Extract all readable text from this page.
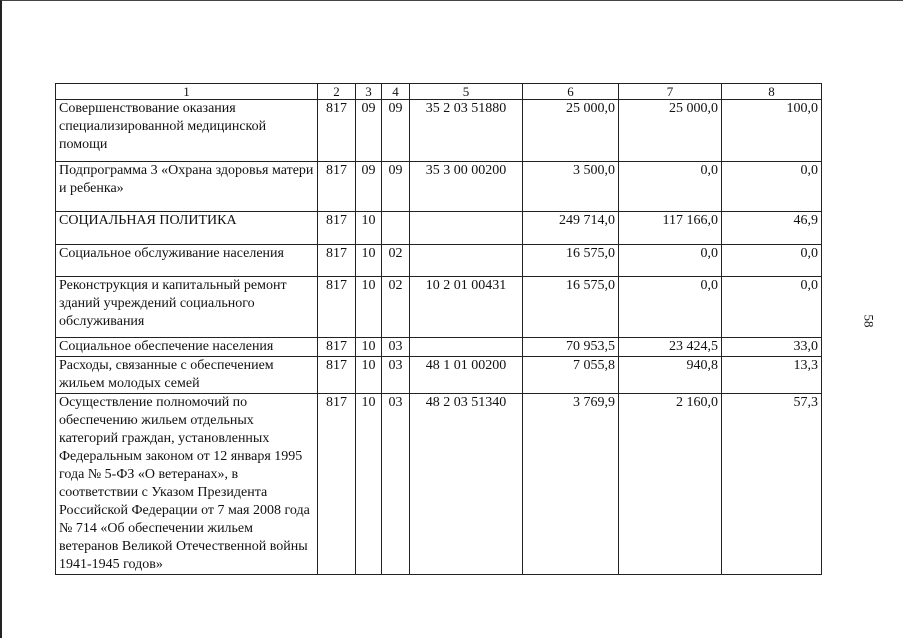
1	2	3	4	5	6	7	8
Совершенствование оказания специализированной медицинской помощи	817	09	09	35 2 03 51880	25 000,0	25 000,0	100,0
Подпрограмма 3 «Охрана здоровья матери и ребенка»	817	09	09	35 3 00 00200	3 500,0	0,0	0,0
СОЦИАЛЬНАЯ ПОЛИТИКА	817	10			249 714,0	117 166,0	46,9
Социальное обслуживание населения	817	10	02		16 575,0	0,0	0,0
Реконструкция и капитальный ремонт зданий учреждений социального обслуживания	817	10	02	10 2 01 00431	16 575,0	0,0	0,0
Социальное обеспечение населения	817	10	03		70 953,5	23 424,5	33,0
Расходы, связанные с обеспечением жильем молодых семей	817	10	03	48 1 01 00200	7 055,8	940,8	13,3
Осуществление полномочий по обеспечению жильем отдельных категорий граждан, установленных Федеральным законом от 12 января 1995 года № 5-ФЗ «О ветеранах», в соответствии с Указом Президента Российской Федерации от 7 мая 2008 года № 714 «Об обеспечении жильем ветеранов Великой Отечественной войны 1941-1945 годов»	817	10	03	48 2 03 51340	3 769,9	2 160,0	57,3
58
